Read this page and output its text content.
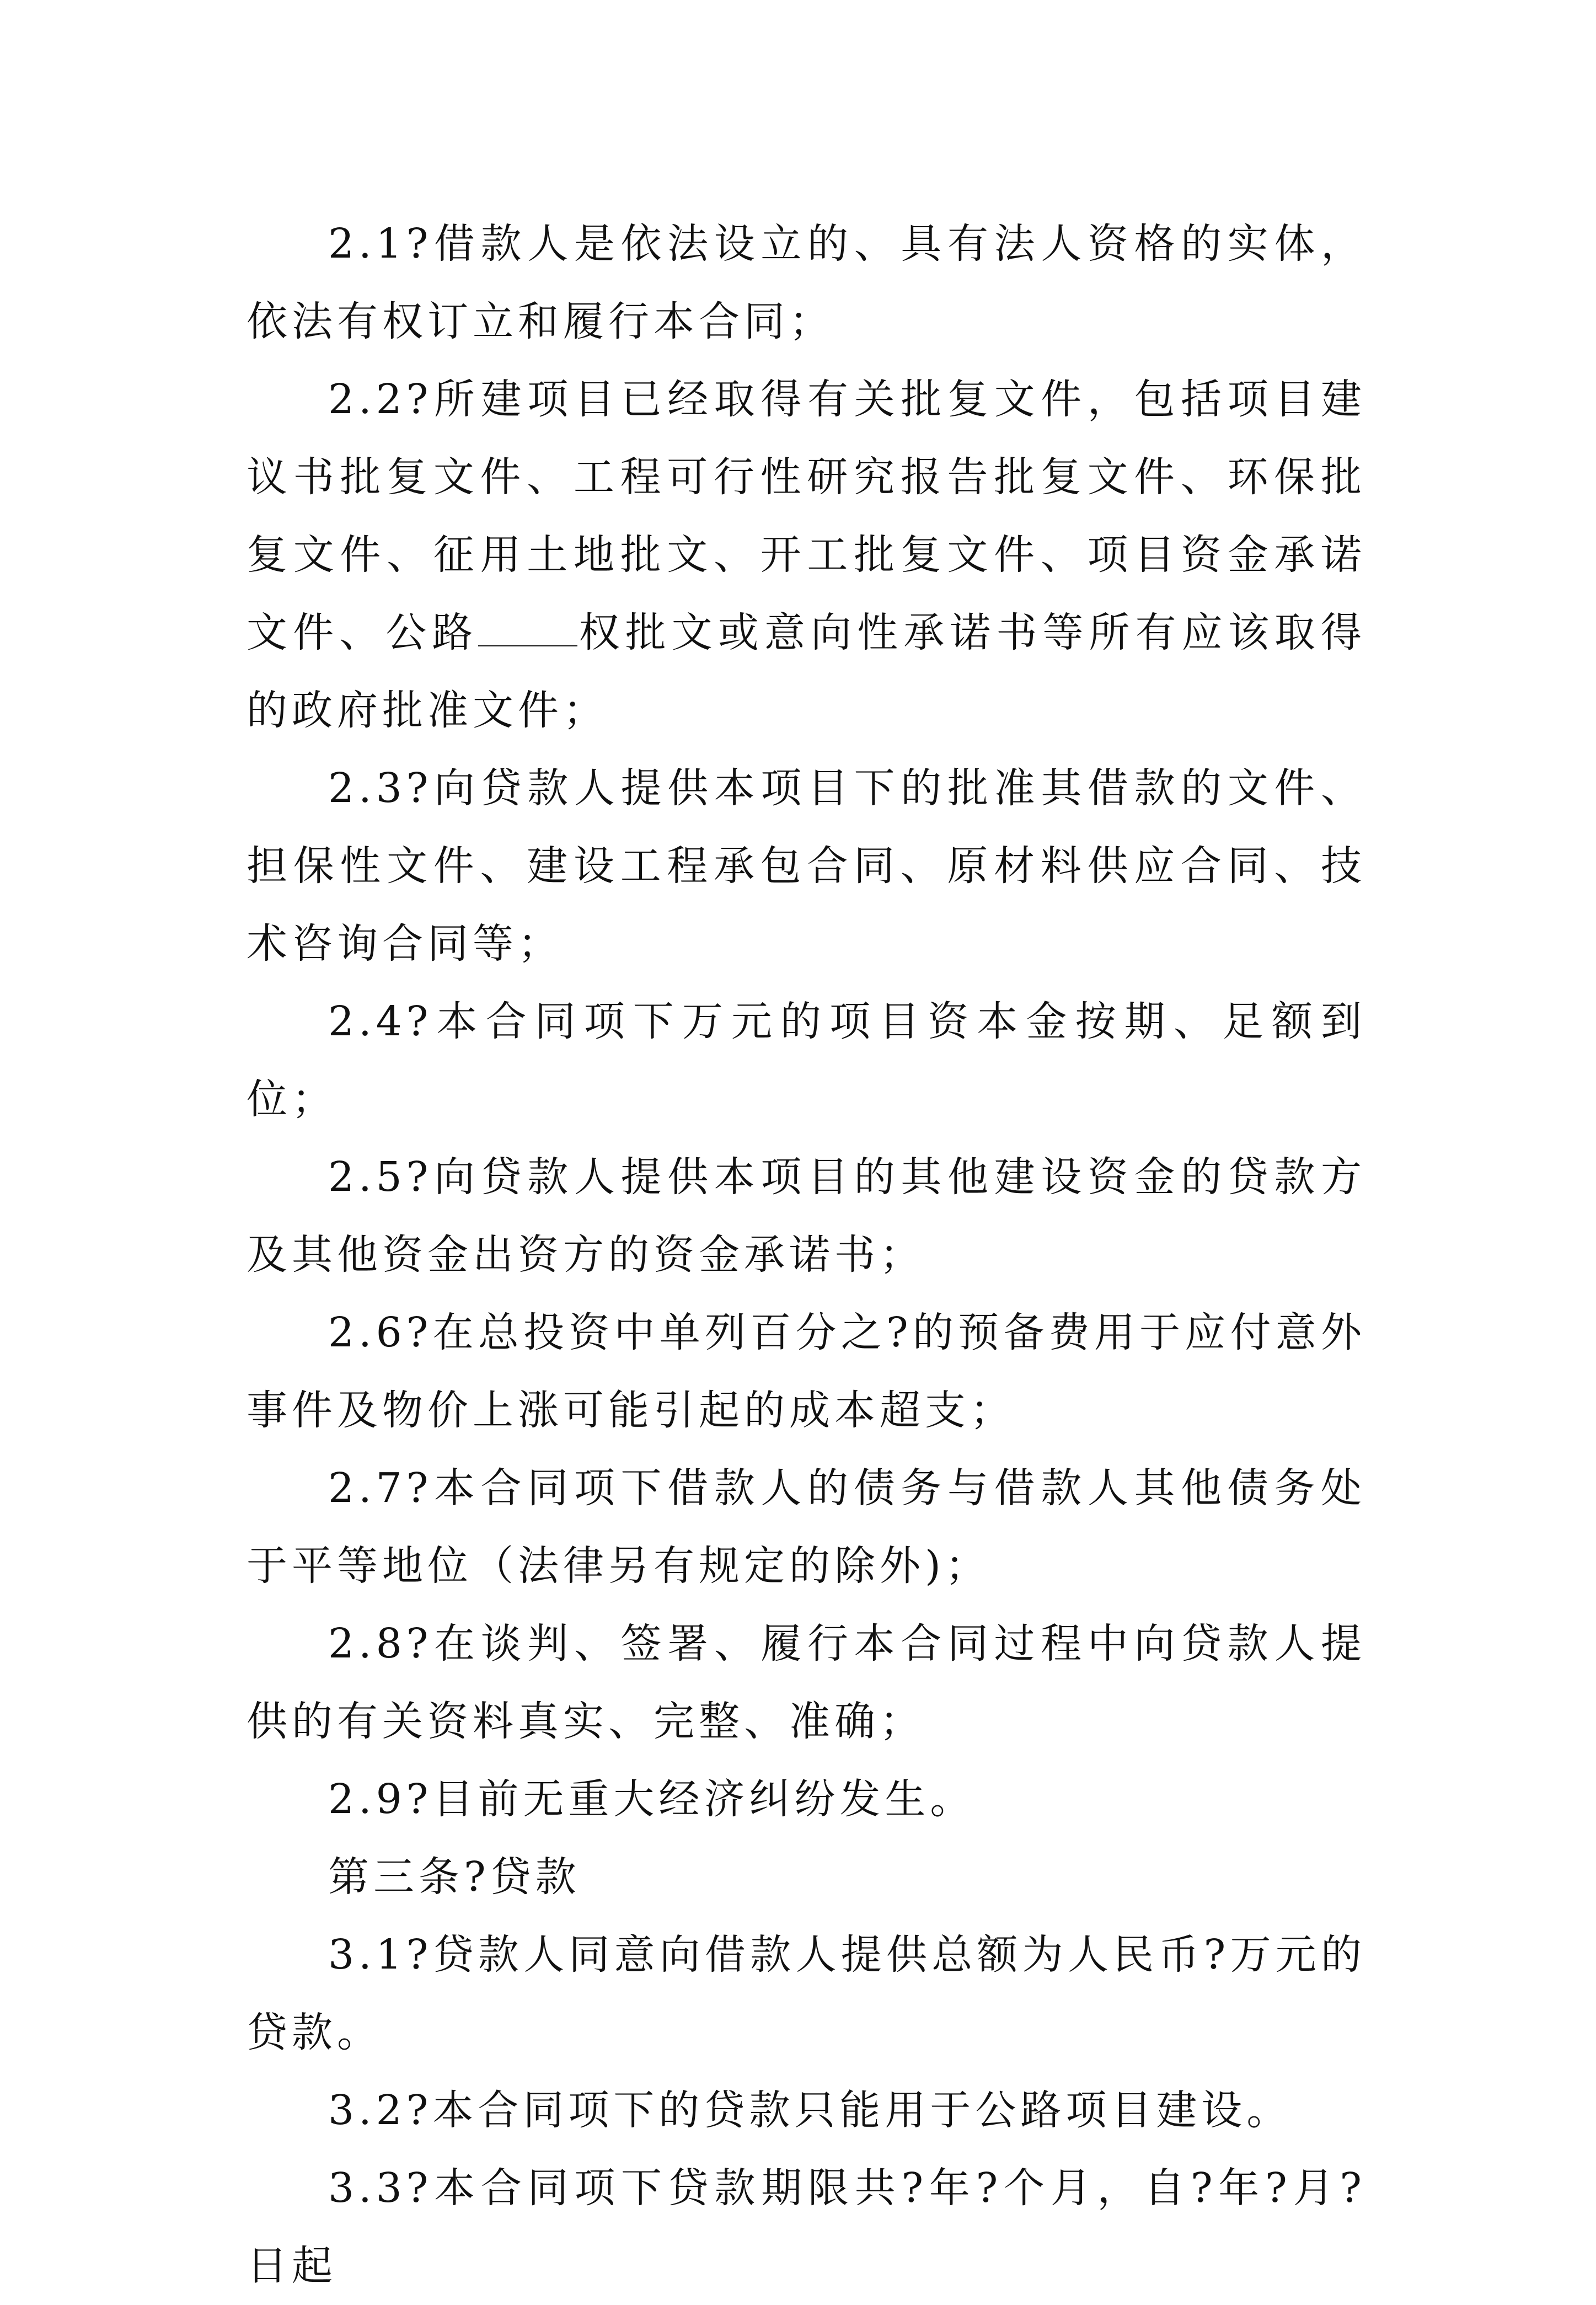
2.1?借款人是依法设立的、具有法人资格的实体，依法有权订立和履行本合同；

2.2?所建项目已经取得有关批复文件，包括项目建议书批复文件、工程可行性研究报告批复文件、环保批复文件、征用土地批文、开工批复文件、项目资金承诺文件、公路 权批文或意向性承诺书等所有应该取得的政府批准文件；

2.3?向贷款人提供本项目下的批准其借款的文件、担保性文件、建设工程承包合同、原材料供应合同、技术咨询合同等；

2.4?本合同项下万元的项目资本金按期、足额到位；

2.5?向贷款人提供本项目的其他建设资金的贷款方及其他资金出资方的资金承诺书；

2.6?在总投资中单列百分之?的预备费用于应付意外事件及物价上涨可能引起的成本超支；

2.7?本合同项下借款人的债务与借款人其他债务处于平等地位（法律另有规定的除外)；

2.8?在谈判、签署、履行本合同过程中向贷款人提供的有关资料真实、完整、准确；

2.9?目前无重大经济纠纷发生。

第三条?贷款

3.1?贷款人同意向借款人提供总额为人民币?万元的贷款。

3.2?本合同项下的贷款只能用于公路项目建设。

3.3?本合同项下贷款期限共?年?个月，自?年?月?日起
